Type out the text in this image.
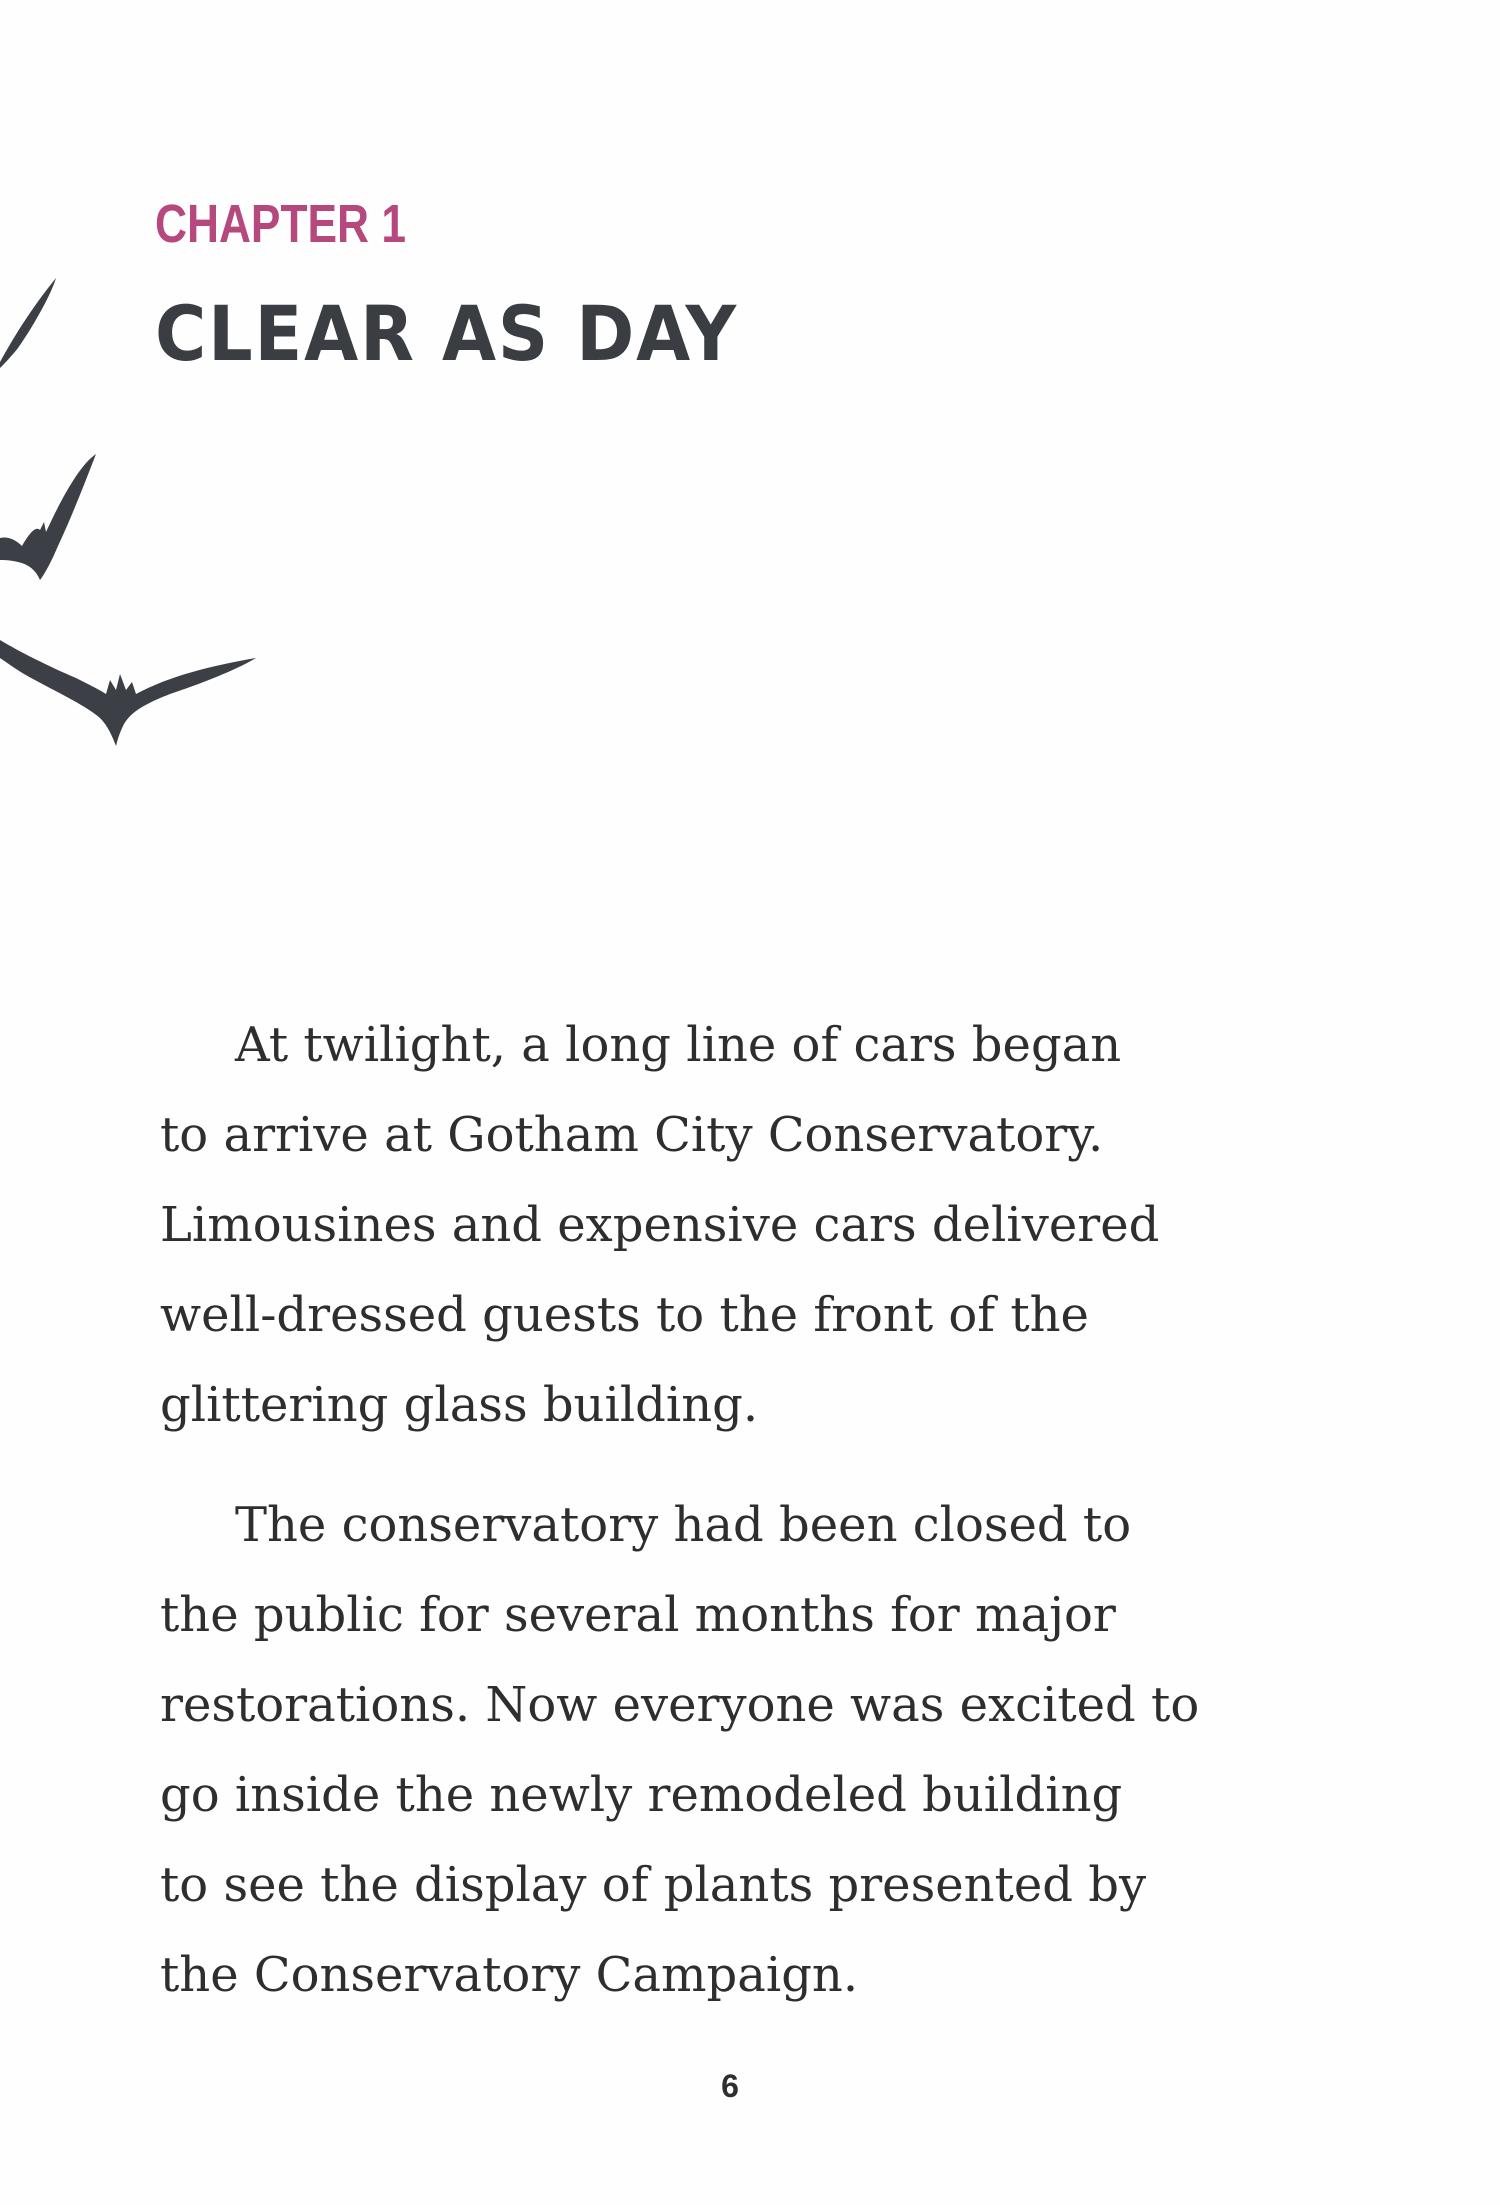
CHAPTER 1
CLEAR AS DAY

At twilight, a long line of cars began
to arrive at Gotham City Conservatory.
Limousines and expensive cars delivered
well-dressed guests to the front of the
glittering glass building.

The conservatory had been closed to
the public for several months for major
restorations. Now everyone was excited to
go inside the newly remodeled building
to see the display of plants presented by
the Conservatory Campaign.

6
